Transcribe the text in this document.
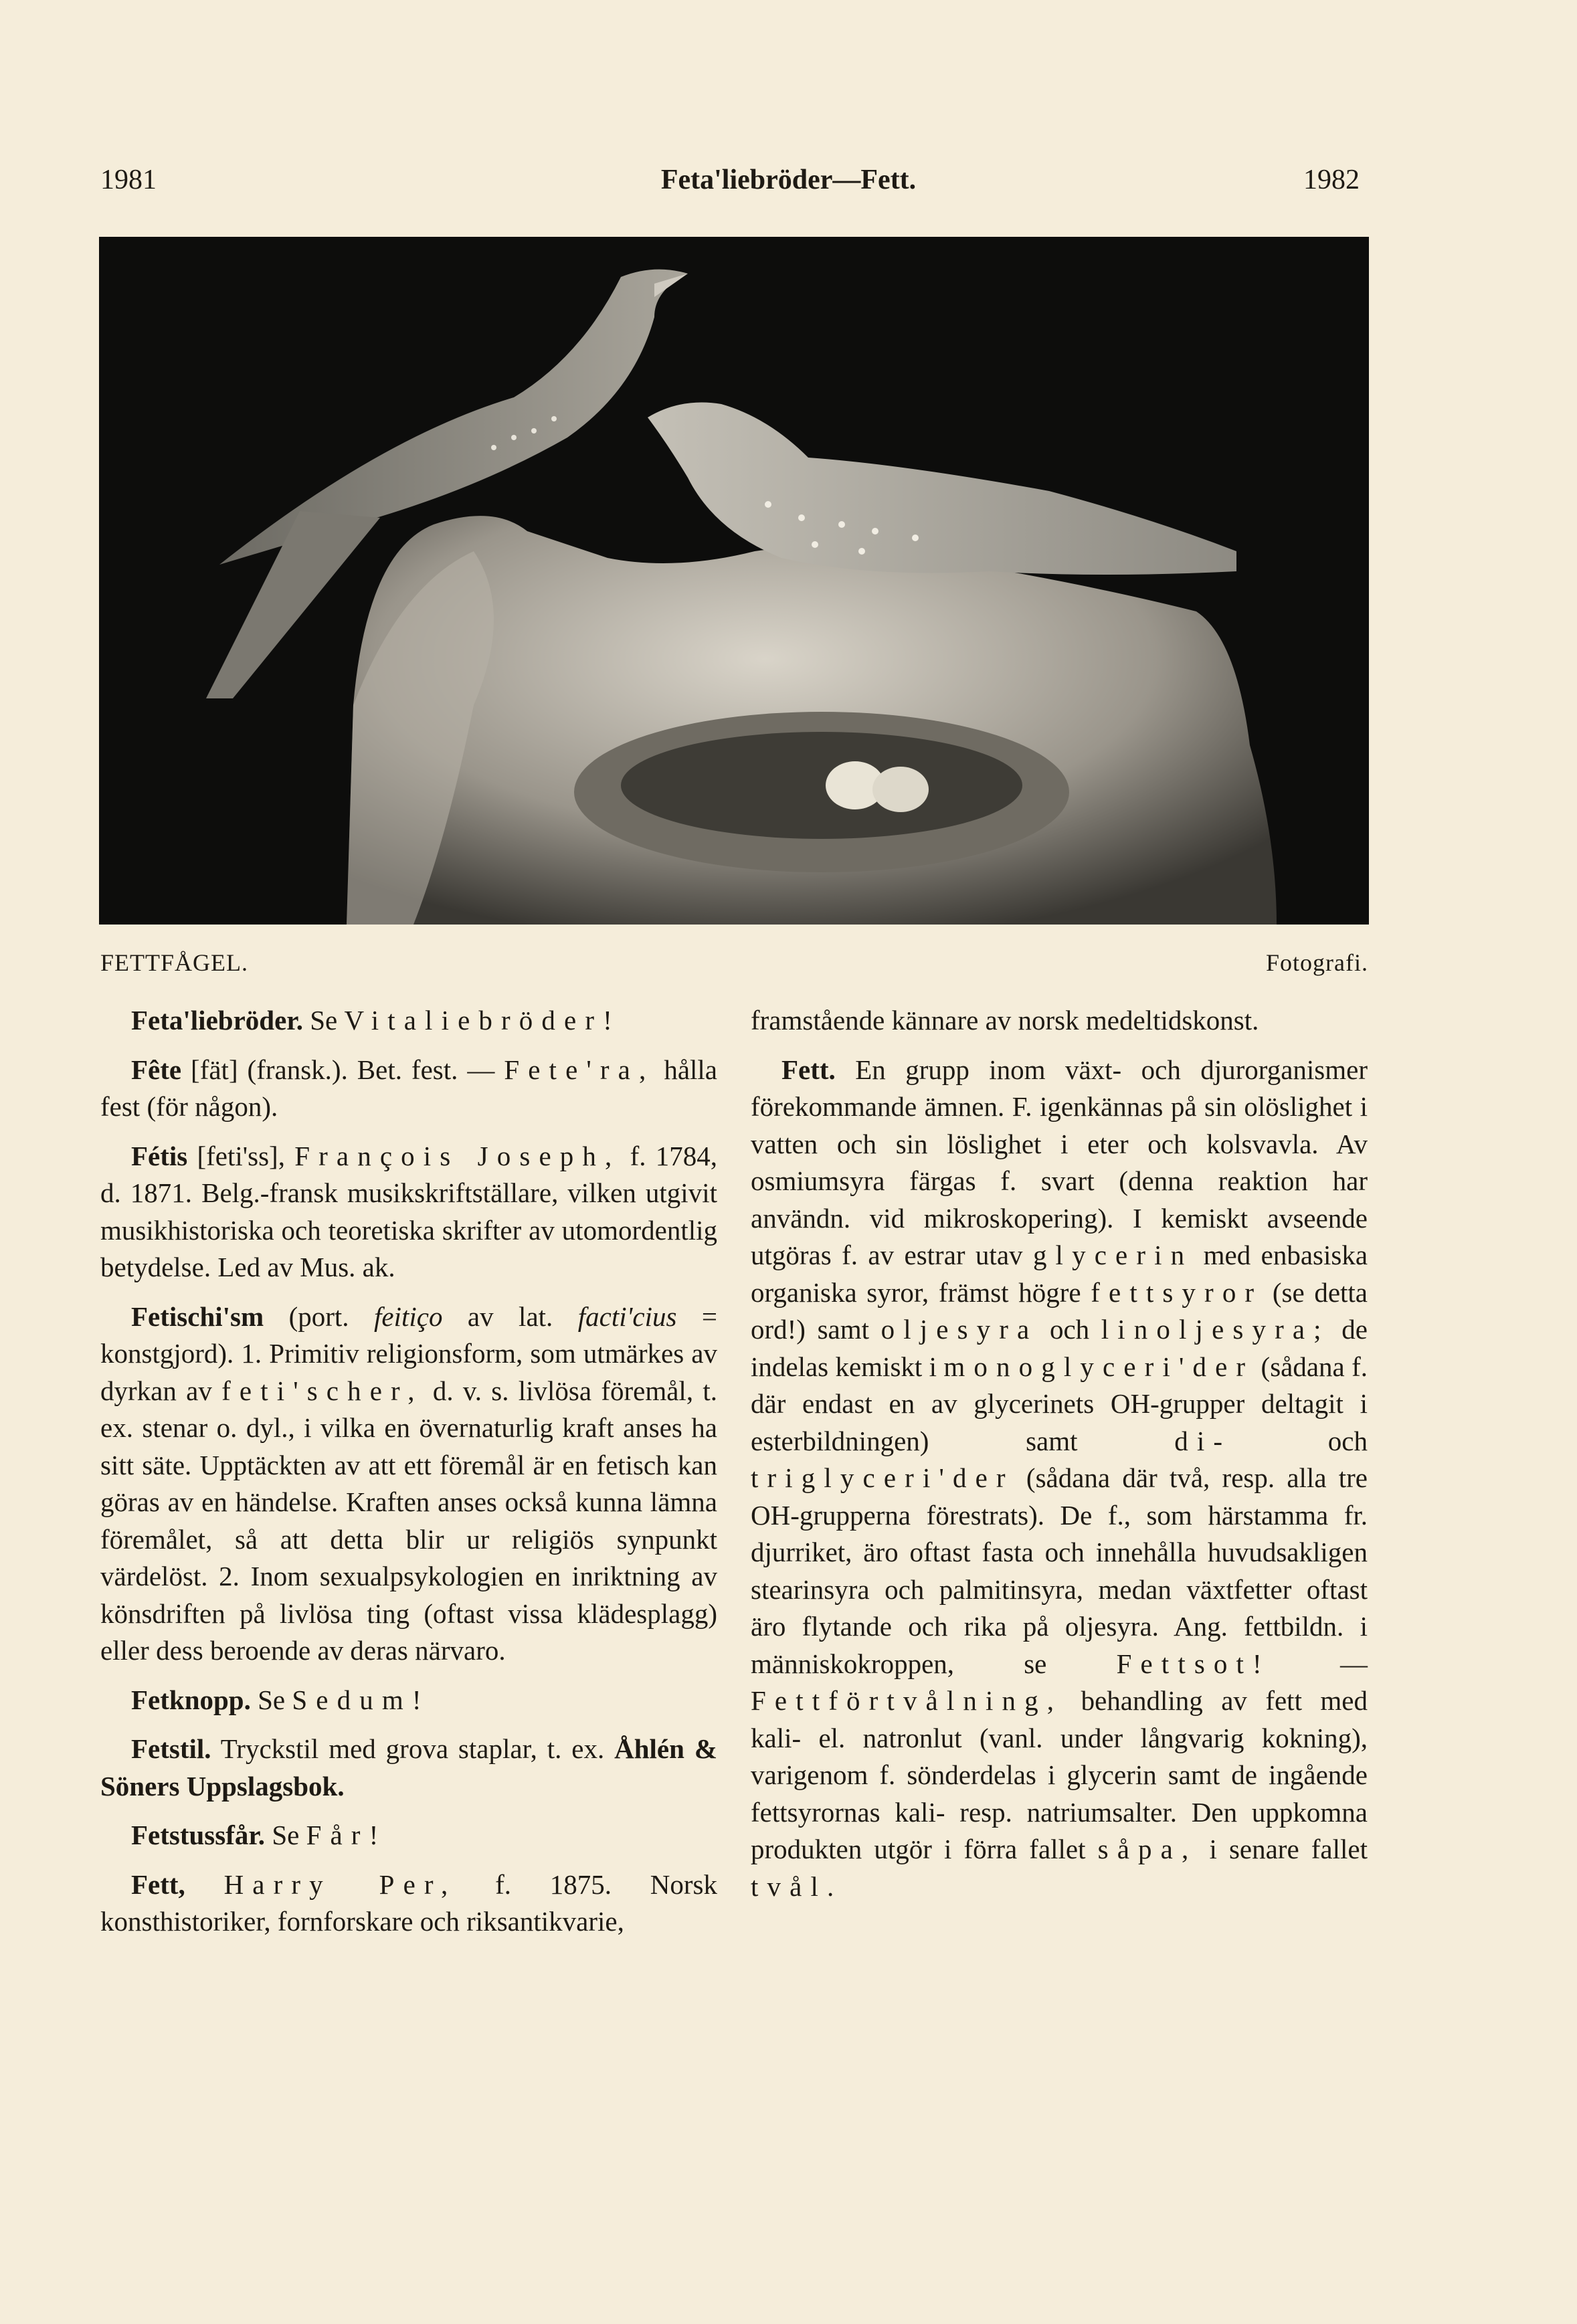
1981	Feta'liebröder—Fett.	1982
FETTFÅGEL.	Fotografi.

Feta'liebröder. Se Vitaliebröder!

Fête [fät] (fransk.). Bet. fest. — Fete'ra, hålla fest (för någon).

Fétis [feti'ss], François Joseph, f. 1784, d. 1871. Belg.-fransk musikskriftställare, vilken utgivit musikhistoriska och teoretiska skrifter av utomordentlig betydelse. Led av Mus. ak.

Fetischi'sm (port. feitiço av lat. facti'cius = konstgjord). 1. Primitiv religionsform, som utmärkes av dyrkan av feti'scher, d. v. s. livlösa föremål, t. ex. stenar o. dyl., i vilka en övernaturlig kraft anses ha sitt säte. Upptäckten av att ett föremål är en fetisch kan göras av en händelse. Kraften anses också kunna lämna föremålet, så att detta blir ur religiös synpunkt värdelöst. 2. Inom sexualpsykologien en inriktning av könsdriften på livlösa ting (oftast vissa klädesplagg) eller dess beroende av deras närvaro.

Fetknopp. Se Sedum!

Fetstil. Tryckstil med grova staplar, t. ex. Åhlén & Söners Uppslagsbok.

Fetstussfår. Se Får!

Fett, Harry Per, f. 1875. Norsk konsthistoriker, fornforskare och riksantikvarie,

framstående kännare av norsk medeltidskonst.

Fett. En grupp inom växt- och djurorganismer förekommande ämnen. F. igenkännas på sin olöslighet i vatten och sin löslighet i eter och kolsvavla. Av osmiumsyra färgas f. svart (denna reaktion har användn. vid mikroskopering). I kemiskt avseende utgöras f. av estrar utav glycerin med enbasiska organiska syror, främst högre fettsyror (se detta ord!) samt oljesyra och linoljesyra; de indelas kemiskt i monoglyceri'der (sådana f. där endast en av glycerinets OH-grupper deltagit i esterbildningen) samt di- och triglyceri'der (sådana där två, resp. alla tre OH-grupperna förestrats). De f., som härstamma fr. djurriket, äro oftast fasta och innehålla huvudsakligen stearinsyra och palmitinsyra, medan växtfetter oftast äro flytande och rika på oljesyra. Ang. fettbildn. i människokroppen, se Fettsot! — Fettförtvålning, behandling av fett med kali- el. natronlut (vanl. under långvarig kokning), varigenom f. sönderdelas i glycerin samt de ingående fettsyrornas kali- resp. natriumsalter. Den uppkomna produkten utgör i förra fallet såpa, i senare fallet tvål.
